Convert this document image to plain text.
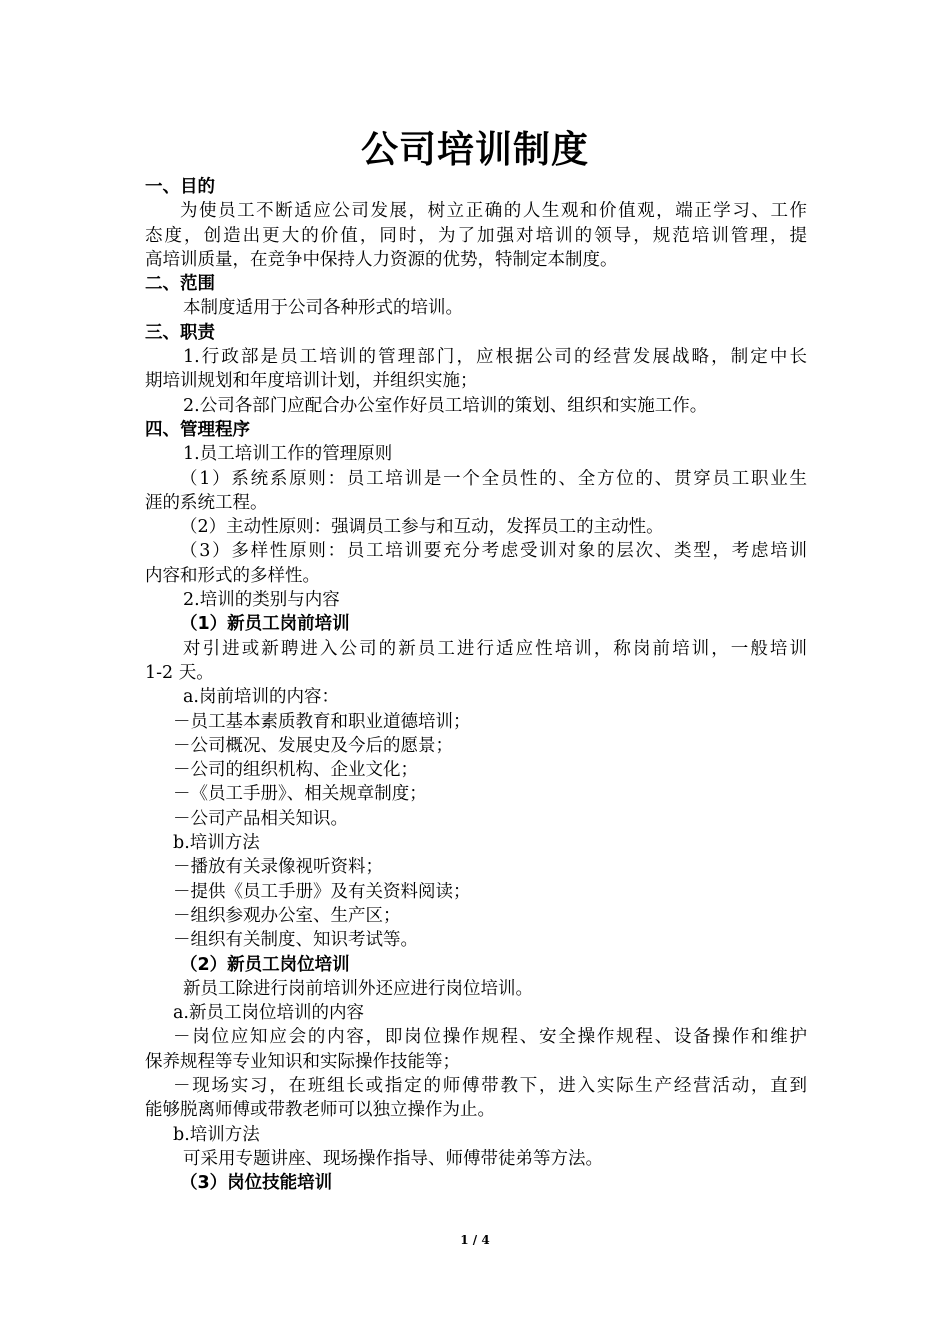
公司培训制度
一、目的
为使员工不断适应公司发展，树立正确的人生观和价值观，端正学习、工作
态度，创造出更大的价值，同时，为了加强对培训的领导，规范培训管理，提
高培训质量，在竞争中保持人力资源的优势，特制定本制度。
二、范围
本制度适用于公司各种形式的培训。
三、职责
1.行政部是员工培训的管理部门，应根据公司的经营发展战略，制定中长
期培训规划和年度培训计划，并组织实施；
2.公司各部门应配合办公室作好员工培训的策划、组织和实施工作。
四、管理程序
1.员工培训工作的管理原则
（1）系统系原则：员工培训是一个全员性的、全方位的、贯穿员工职业生
涯的系统工程。
（2）主动性原则：强调员工参与和互动，发挥员工的主动性。
（3）多样性原则：员工培训要充分考虑受训对象的层次、类型，考虑培训
内容和形式的多样性。
2.培训的类别与内容
（1）新员工岗前培训
对引进或新聘进入公司的新员工进行适应性培训，称岗前培训，一般培训
1-2 天。
a.岗前培训的内容：
－员工基本素质教育和职业道德培训；
－公司概况、发展史及今后的愿景；
－公司的组织机构、企业文化；
－《员工手册》、相关规章制度；
－公司产品相关知识。
b.培训方法
－播放有关录像视听资料；
－提供《员工手册》及有关资料阅读；
－组织参观办公室、生产区；
－组织有关制度、知识考试等。
（2）新员工岗位培训
新员工除进行岗前培训外还应进行岗位培训。
a.新员工岗位培训的内容
－岗位应知应会的内容，即岗位操作规程、安全操作规程、设备操作和维护
保养规程等专业知识和实际操作技能等；
－现场实习，在班组长或指定的师傅带教下，进入实际生产经营活动，直到
能够脱离师傅或带教老师可以独立操作为止。
b.培训方法
可采用专题讲座、现场操作指导、师傅带徒弟等方法。
（3）岗位技能培训
1 / 4
